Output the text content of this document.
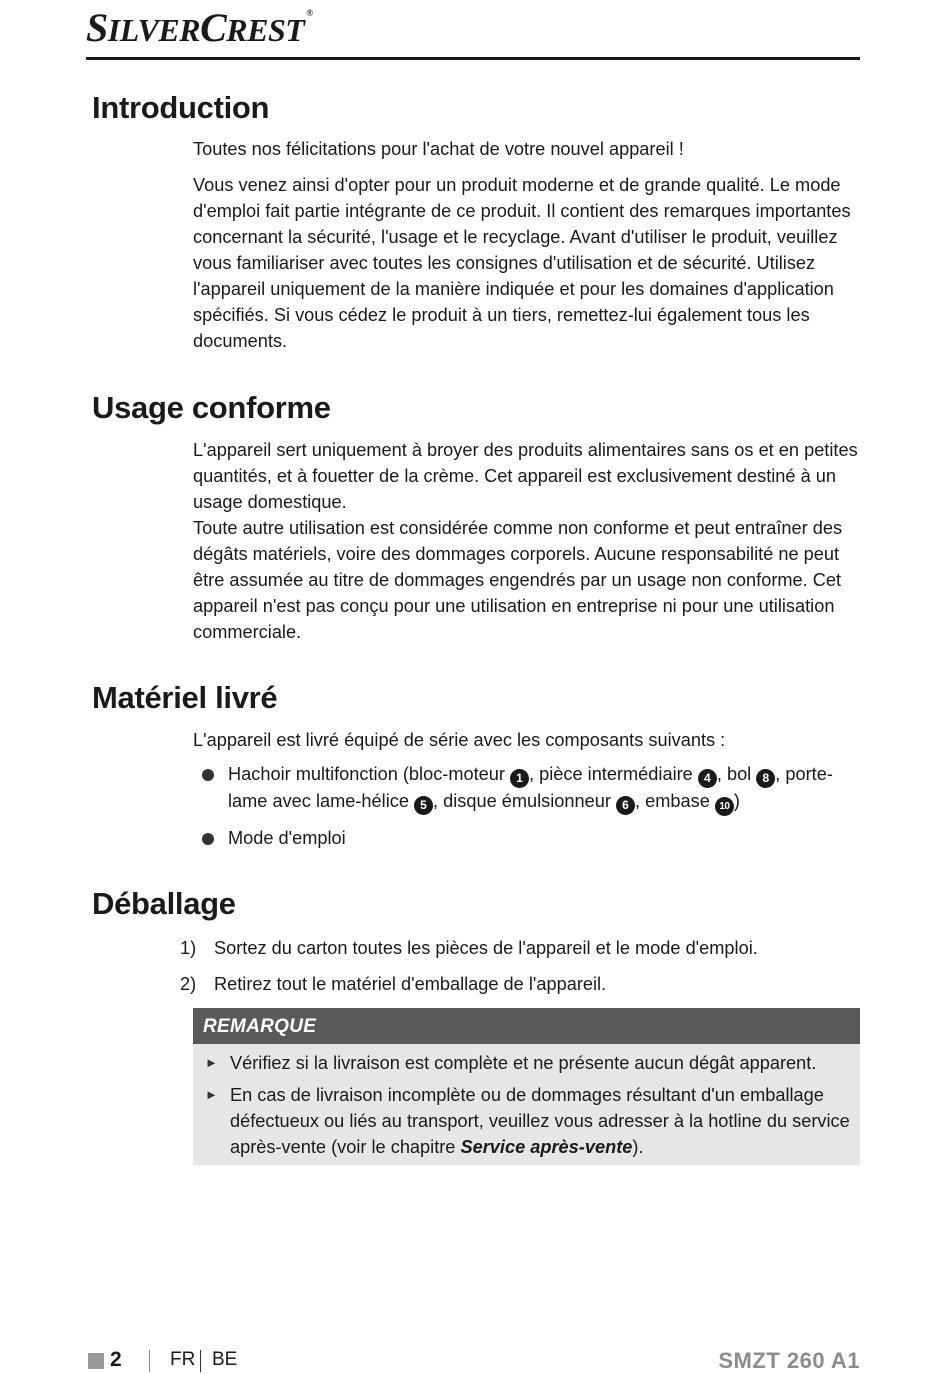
SILVERCREST ®
Introduction

Toutes nos félicitations pour l'achat de votre nouvel appareil !

Vous venez ainsi d'opter pour un produit moderne et de grande qualité. Le mode d'emploi fait partie intégrante de ce produit. Il contient des remarques importantes concernant la sécurité, l'usage et le recyclage. Avant d'utiliser le produit, veuillez vous familiariser avec toutes les consignes d'utilisation et de sécurité. Utilisez l'appareil uniquement de la manière indiquée et pour les domaines d'application spécifiés. Si vous cédez le produit à un tiers, remettez-lui également tous les documents.

Usage conforme

L'appareil sert uniquement à broyer des produits alimentaires sans os et en petites quantités, et à fouetter de la crème. Cet appareil est exclusivement destiné à un usage domestique.

Toute autre utilisation est considérée comme non conforme et peut entraîner des dégâts matériels, voire des dommages corporels. Aucune responsabilité ne peut être assumée au titre de dommages engendrés par un usage non conforme. Cet appareil n'est pas conçu pour une utilisation en entreprise ni pour une utilisation commerciale.

Matériel livré
L'appareil est livré équipé de série avec les composants suivants :
Hachoir multifonction (bloc-moteur 1 , pièce intermédiaire 4 , bol 8 , porte-lame avec lame-hélice 5 , disque émulsionneur 6 , embase 10 )
Mode d'emploi
Déballage
1) Sortez du carton toutes les pièces de l'appareil et le mode d'emploi.
2) Retirez tout le matériel d'emballage de l'appareil.
REMARQUE
► Vérifiez si la livraison est complète et ne présente aucun dégât apparent.
► En cas de livraison incomplète ou de dommages résultant d'un emballage défectueux ou liés au transport, veuillez vous adresser à la hotline du service après-vente (voir le chapitre Service après-vente).
2	FR BE	SMZT 260 A1
